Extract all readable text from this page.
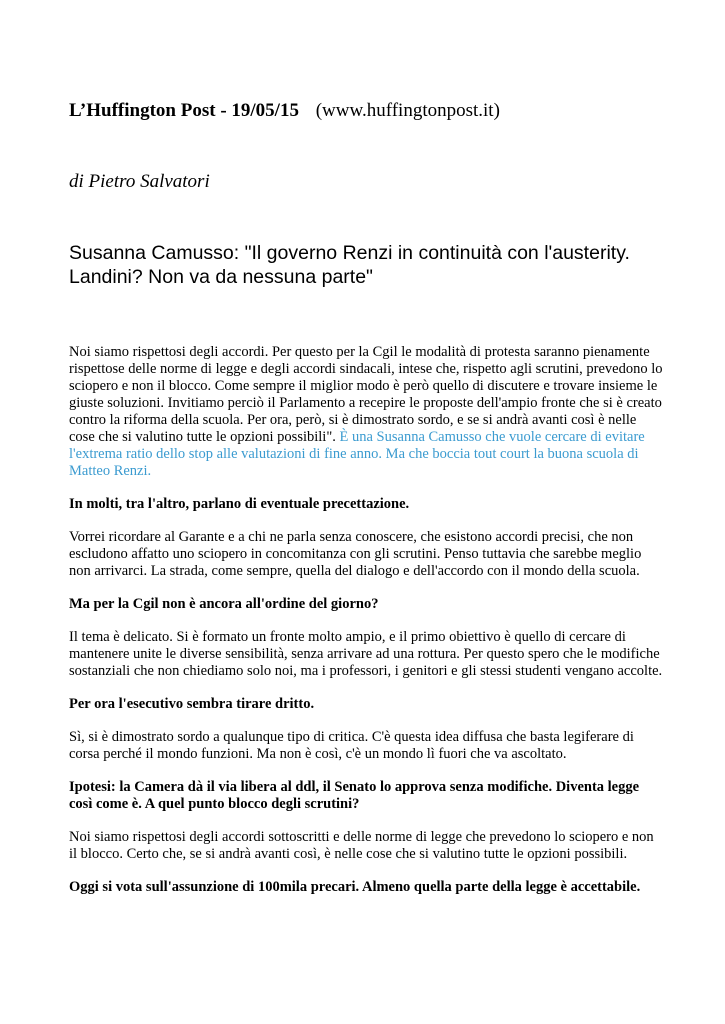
L’Huffington Post - 19/05/15 (www.huffingtonpost.it)
di Pietro Salvatori
Susanna Camusso: "Il governo Renzi in continuità con l'austerity. Landini? Non va da nessuna parte"

Noi siamo rispettosi degli accordi. Per questo per la Cgil le modalità di protesta saranno pienamente rispettose delle norme di legge e degli accordi sindacali, intese che, rispetto agli scrutini, prevedono lo sciopero e non il blocco. Come sempre il miglior modo è però quello di discutere e trovare insieme le giuste soluzioni. Invitiamo perciò il Parlamento a recepire le proposte dell'ampio fronte che si è creato contro la riforma della scuola. Per ora, però, si è dimostrato sordo, e se si andrà avanti così è nelle cose che si valutino tutte le opzioni possibili". È una Susanna Camusso che vuole cercare di evitare l'extrema ratio dello stop alle valutazioni di fine anno. Ma che boccia tout court la buona scuola di Matteo Renzi.

In molti, tra l'altro, parlano di eventuale precettazione.

Vorrei ricordare al Garante e a chi ne parla senza conoscere, che esistono accordi precisi, che non escludono affatto uno sciopero in concomitanza con gli scrutini. Penso tuttavia che sarebbe meglio non arrivarci. La strada, come sempre, quella del dialogo e dell'accordo con il mondo della scuola.

Ma per la Cgil non è ancora all'ordine del giorno?

Il tema è delicato. Si è formato un fronte molto ampio, e il primo obiettivo è quello di cercare di mantenere unite le diverse sensibilità, senza arrivare ad una rottura. Per questo spero che le modifiche sostanziali che non chiediamo solo noi, ma i professori, i genitori e gli stessi studenti vengano accolte.

Per ora l'esecutivo sembra tirare dritto.

Sì, si è dimostrato sordo a qualunque tipo di critica. C'è questa idea diffusa che basta legiferare di corsa perché il mondo funzioni. Ma non è così, c'è un mondo lì fuori che va ascoltato.

Ipotesi: la Camera dà il via libera al ddl, il Senato lo approva senza modifiche. Diventa legge così come è. A quel punto blocco degli scrutini?

Noi siamo rispettosi degli accordi sottoscritti e delle norme di legge che prevedono lo sciopero e non il blocco. Certo che, se si andrà avanti così, è nelle cose che si valutino tutte le opzioni possibili.

Oggi si vota sull'assunzione di 100mila precari. Almeno quella parte della legge è accettabile.
